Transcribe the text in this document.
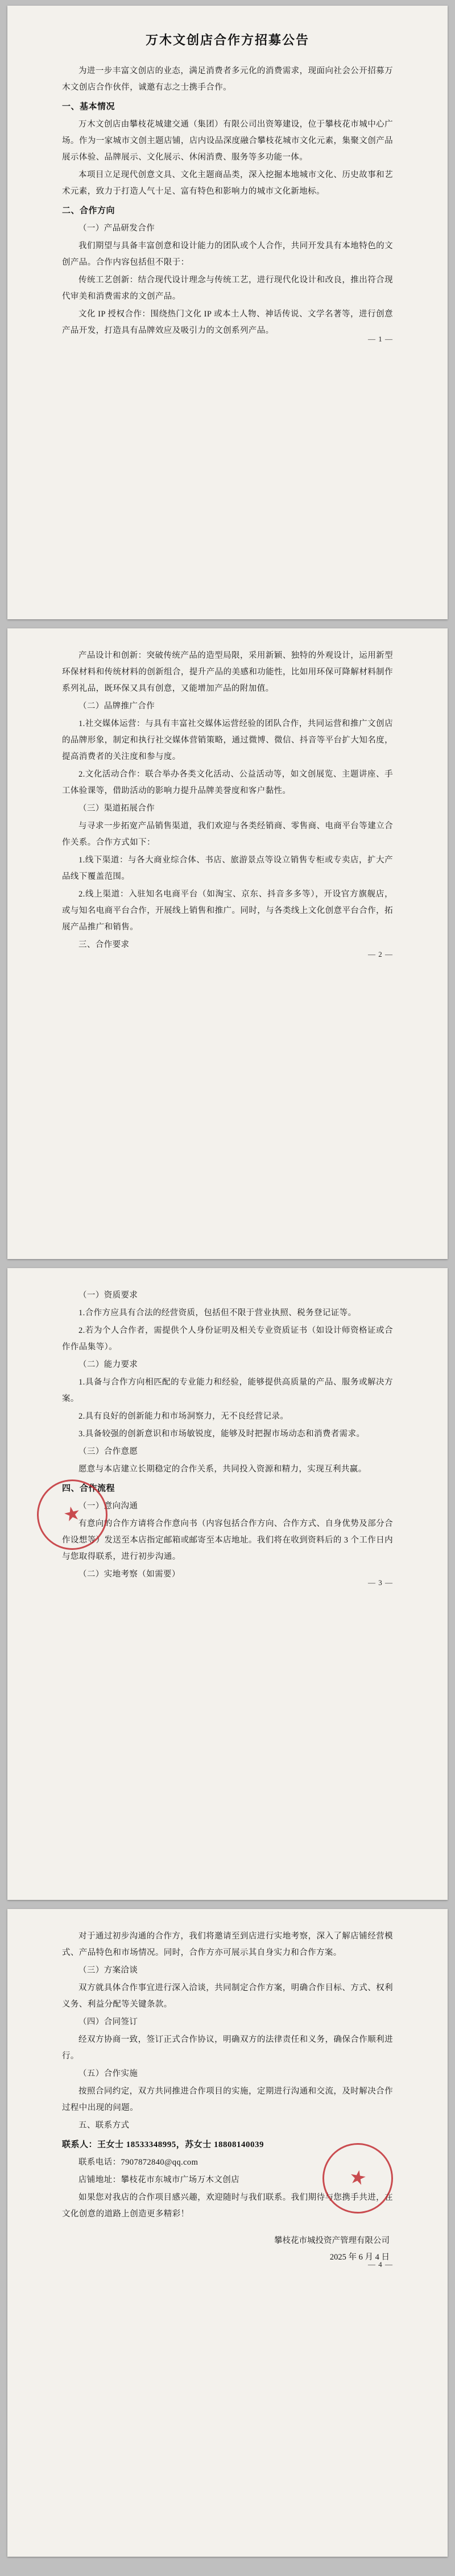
万木文创店合作方招募公告

为进一步丰富文创店的业态，满足消费者多元化的消费需求，现面向社会公开招募万木文创店合作伙伴，诚邀有志之士携手合作。

一、基本情况

万木文创店由攀枝花城建交通（集团）有限公司出资筹建设，位于攀枝花市城中心广场。作为一家城市文创主题店铺，店内设品深度融合攀枝花城市文化元素，集聚文创产品展示体验、品牌展示、文化展示、休闲消费、服务等多功能一体。

本项目立足现代创意文具、文化主题商品类，深入挖掘本地城市文化、历史故事和艺术元素，致力于打造人气十足、富有特色和影响力的城市文化新地标。

二、合作方向

（一）产品研发合作

我们期望与具备丰富创意和设计能力的团队或个人合作，共同开发具有本地特色的文创产品。合作内容包括但不限于：

传统工艺创新：结合现代设计理念与传统工艺，进行现代化设计和改良，推出符合现代审美和消费需求的文创产品。

文化 IP 授权合作：围绕热门文化 IP 或本土人物、神话传说、文学名著等，进行创意产品开发，打造具有品牌效应及吸引力的文创系列产品。

— 1 —

产品设计和创新：突破传统产品的造型局限，采用新颖、独特的外观设计，运用新型环保材料和传统材料的创新组合，提升产品的美感和功能性，比如用环保可降解材料制作系列礼品，既环保又具有创意，又能增加产品的附加值。

（二）品牌推广合作

1.社交媒体运营：与具有丰富社交媒体运营经验的团队合作，共同运营和推广文创店的品牌形象，制定和执行社交媒体营销策略，通过微博、微信、抖音等平台扩大知名度，提高消费者的关注度和参与度。

2.文化活动合作：联合举办各类文化活动、公益活动等，如文创展览、主题讲座、手工体验课等，借助活动的影响力提升品牌美誉度和客户黏性。

（三）渠道拓展合作

与寻求一步拓宽产品销售渠道，我们欢迎与各类经销商、零售商、电商平台等建立合作关系。合作方式如下：

1.线下渠道：与各大商业综合体、书店、旅游景点等设立销售专柜或专卖店，扩大产品线下覆盖范围。

2.线上渠道：入驻知名电商平台（如淘宝、京东、抖音多多等），开设官方旗舰店，或与知名电商平台合作，开展线上销售和推广。同时，与各类线上文化创意平台合作，拓展产品推广和销售。

三、合作要求

— 2 —

（一）资质要求

1.合作方应具有合法的经营资质，包括但不限于营业执照、税务登记证等。

2.若为个人合作者，需提供个人身份证明及相关专业资质证书（如设计师资格证或合作作品集等）。

（二）能力要求

1.具备与合作方向相匹配的专业能力和经验，能够提供高质量的产品、服务或解决方案。

2.具有良好的创新能力和市场洞察力，无不良经营记录。

3.具备较强的创新意识和市场敏锐度，能够及时把握市场动态和消费者需求。

（三）合作意愿

愿意与本店建立长期稳定的合作关系，共同投入资源和精力，实现互利共赢。

四、合作流程

（一）意向沟通

有意向的合作方请将合作意向书（内容包括合作方向、合作方式、自身优势及部分合作设想等）发送至本店指定邮箱或邮寄至本店地址。我们将在收到资料后的 3 个工作日内与您取得联系，进行初步沟通。

（二）实地考察（如需要）

★
— 3 —

对于通过初步沟通的合作方，我们将邀请至到店进行实地考察，深入了解店铺经营模式、产品特色和市场情况。同时，合作方亦可展示其自身实力和合作方案。

（三）方案洽谈

双方就具体合作事宜进行深入洽谈，共同制定合作方案，明确合作目标、方式、权利义务、利益分配等关键条款。

（四）合同签订

经双方协商一致，签订正式合作协议，明确双方的法律责任和义务，确保合作顺利进行。

（五）合作实施

按照合同约定，双方共同推进合作项目的实施，定期进行沟通和交流，及时解决合作过程中出现的问题。

五、联系方式

联系人：王女士 18533348995，苏女士 18808140039

联系电话：7907872840@qq.com

店铺地址：攀枝花市东城市广场万木文创店

如果您对我店的合作项目感兴趣，欢迎随时与我们联系。我们期待与您携手共进，在文化创意的道路上创造更多精彩！

攀枝花市城投资产管理有限公司
2025 年 6 月 4 日
★
— 4 —
